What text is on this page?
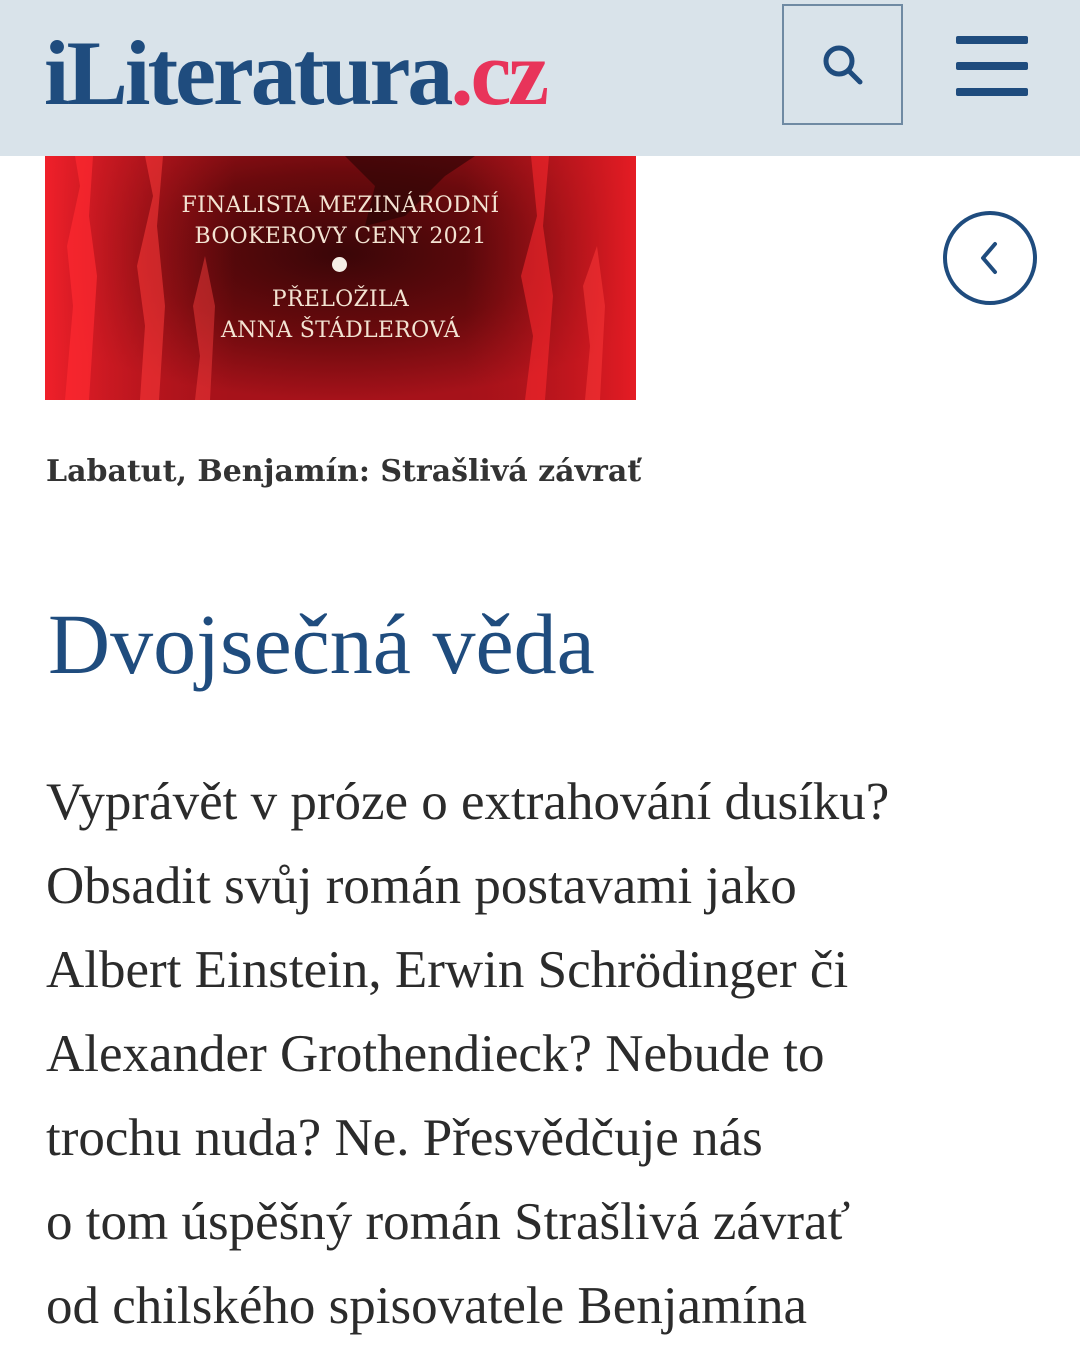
iLiteratura.cz
FINALISTA MEZINÁRODNÍ
BOOKEROVY CENY 2021
PŘELOŽILA
ANNA ŠTÁDLEROVÁ
Labatut, Benjamín: Strašlivá závrať
Dvojsečná věda

Vyprávět v próze o extrahování dusíku?
Obsadit svůj román postavami jako
Albert Einstein, Erwin Schrödinger či
Alexander Grothendieck? Nebude to
trochu nuda? Ne. Přesvědčuje nás
o tom úspěšný román Strašlivá závrať
od chilského spisovatele Benjamína
